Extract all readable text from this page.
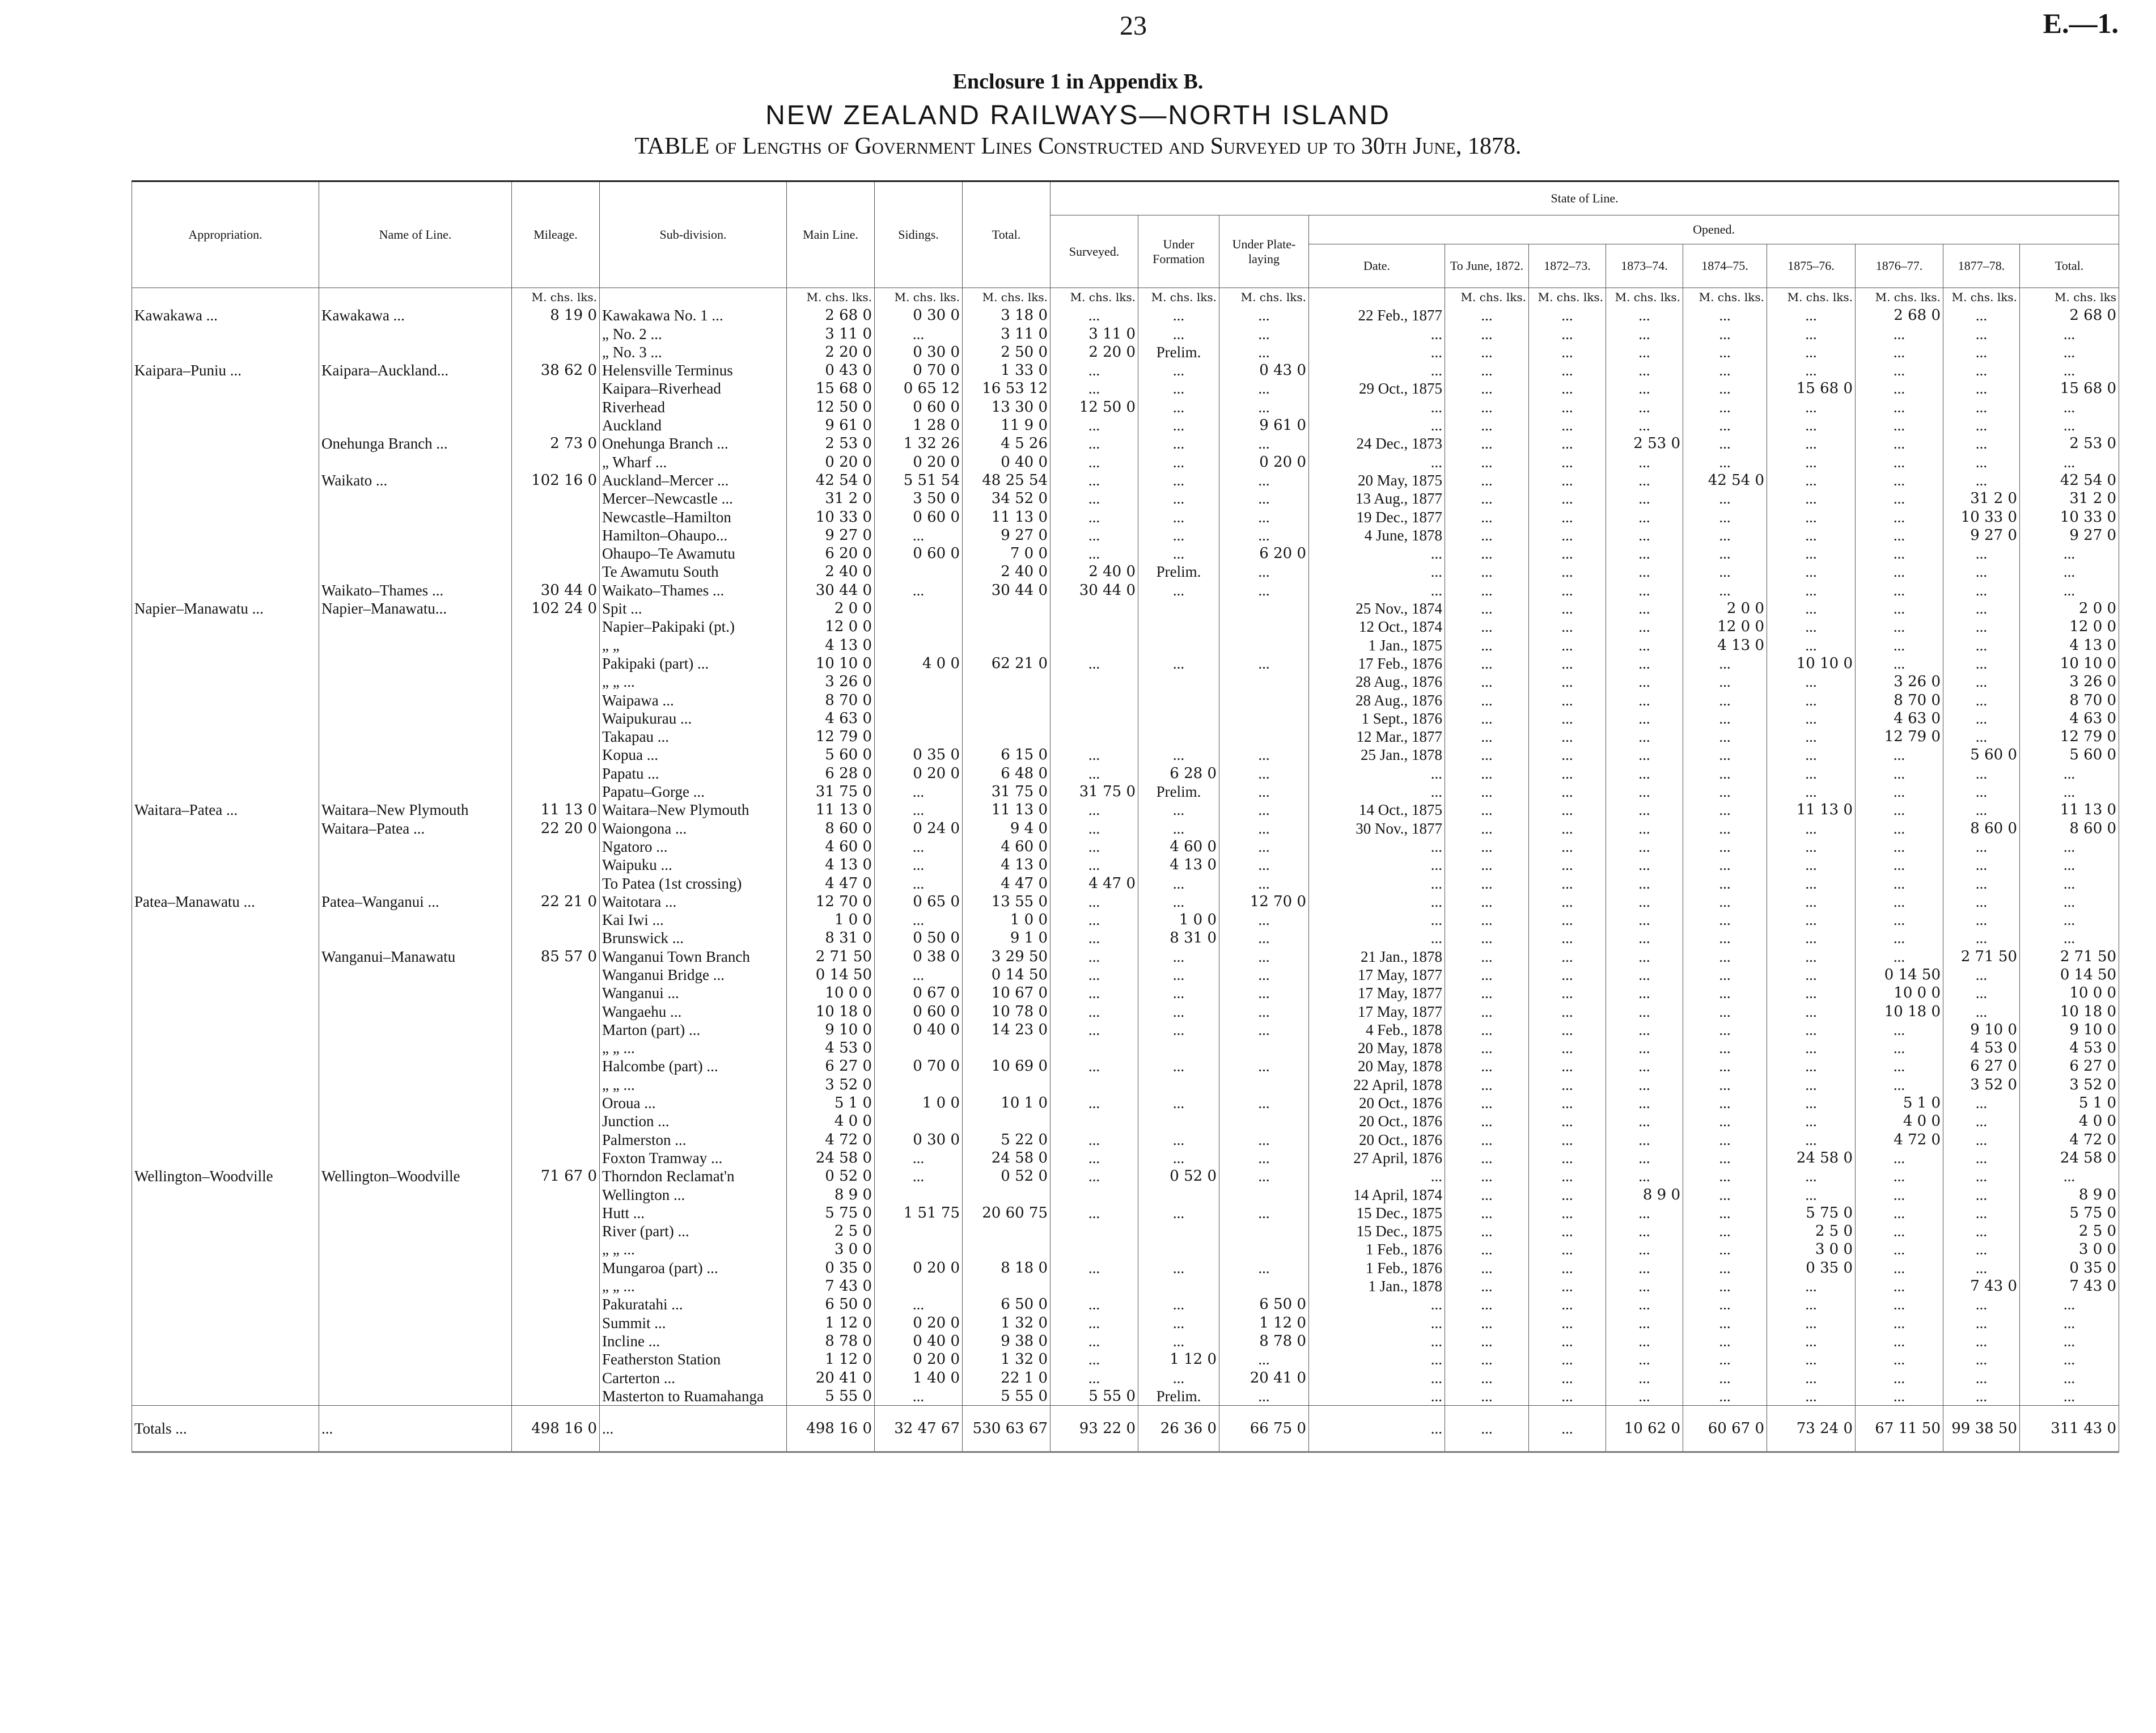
23	E.—1.
Enclosure 1 in Appendix B.
NEW ZEALAND RAILWAYS—NORTH ISLAND
TABLE of Lengths of Government Lines Constructed and Surveyed up to 30th June, 1878.
Appropriation.	Name of Line.	Mileage.	Sub-division.	Main Line.	Sidings.	Total.	State of Line.											
							Surveyed.	Under Formation	Under Plate-laying	Opened.								
										Date.	To June, 1872.	1872–73.	1873–74.	1874–75.	1875–76.	1876–77.	1877–78.	Total.
		M. chs. lks.		M. chs. lks.	M. chs. lks.	M. chs. lks.	M. chs. lks.	M. chs. lks.	M. chs. lks.		M. chs. lks.	M. chs. lks.	M. chs. lks.	M. chs. lks.	M. chs. lks.	M. chs. lks.	M. chs. lks.	M. chs. lks
Kawakawa ...	Kawakawa ...	8 19 0	Kawakawa No. 1 ...	2 68 0	0 30 0	3 18 0	...	...	...	22 Feb., 1877	...	...	...	...	...	2 68 0	...	2 68 0
			„ No. 2 ...	3 11 0	...	3 11 0	3 11 0	...	...	...	...	...	...	...	...	...	...	...
			„ No. 3 ...	2 20 0	0 30 0	2 50 0	2 20 0	Prelim.	...	...	...	...	...	...	...	...	...	...
Kaipara–Puniu ...	Kaipara–Auckland...	38 62 0	Helensville Terminus	0 43 0	0 70 0	1 33 0	...	...	0 43 0	...	...	...	...	...	...	...	...	...
			Kaipara–Riverhead	15 68 0	0 65 12	16 53 12	...	...	...	29 Oct., 1875	...	...	...	...	15 68 0	...	...	15 68 0
			Riverhead	12 50 0	0 60 0	13 30 0	12 50 0	...	...	...	...	...	...	...	...	...	...	...
			Auckland	9 61 0	1 28 0	11 9 0	...	...	9 61 0	...	...	...	...	...	...	...	...	...
	Onehunga Branch ...	2 73 0	Onehunga Branch ...	2 53 0	1 32 26	4 5 26	...	...	...	24 Dec., 1873	...	...	2 53 0	...	...	...	...	2 53 0
			„ Wharf ...	0 20 0	0 20 0	0 40 0	...	...	0 20 0	...	...	...	...	...	...	...	...	...
	Waikato ...	102 16 0	Auckland–Mercer ...	42 54 0	5 51 54	48 25 54	...	...	...	20 May, 1875	...	...	...	42 54 0	...	...	...	42 54 0
			Mercer–Newcastle ...	31 2 0	3 50 0	34 52 0	...	...	...	13 Aug., 1877	...	...	...	...	...	...	31 2 0	31 2 0
			Newcastle–Hamilton	10 33 0	0 60 0	11 13 0	...	...	...	19 Dec., 1877	...	...	...	...	...	...	10 33 0	10 33 0
			Hamilton–Ohaupo...	9 27 0	...	9 27 0	...	...	...	4 June, 1878	...	...	...	...	...	...	9 27 0	9 27 0
			Ohaupo–Te Awamutu	6 20 0	0 60 0	7 0 0	...	...	6 20 0	...	...	...	...	...	...	...	...	...
			Te Awamutu South	2 40 0		2 40 0	2 40 0	Prelim.	...	...	...	...	...	...	...	...	...	...
	Waikato–Thames ...	30 44 0	Waikato–Thames ...	30 44 0	...	30 44 0	30 44 0	...	...	...	...	...	...	...	...	...	...	...
Napier–Manawatu ...	Napier–Manawatu...	102 24 0	Spit ...	2 0 0						25 Nov., 1874	...	...	...	2 0 0	...	...	...	2 0 0
			Napier–Pakipaki (pt.)	12 0 0						12 Oct., 1874	...	...	...	12 0 0	...	...	...	12 0 0
			„ „	4 13 0						1 Jan., 1875	...	...	...	4 13 0	...	...	...	4 13 0
			Pakipaki (part) ...	10 10 0	4 0 0	62 21 0	...	...	...	17 Feb., 1876	...	...	...	...	10 10 0	...	...	10 10 0
			„ „ ...	3 26 0						28 Aug., 1876	...	...	...	...	...	3 26 0	...	3 26 0
			Waipawa ...	8 70 0						28 Aug., 1876	...	...	...	...	...	8 70 0	...	8 70 0
			Waipukurau ...	4 63 0						1 Sept., 1876	...	...	...	...	...	4 63 0	...	4 63 0
			Takapau ...	12 79 0						12 Mar., 1877	...	...	...	...	...	12 79 0	...	12 79 0
			Kopua ...	5 60 0	0 35 0	6 15 0	...	...	...	25 Jan., 1878	...	...	...	...	...	...	5 60 0	5 60 0
			Papatu ...	6 28 0	0 20 0	6 48 0	...	6 28 0	...	...	...	...	...	...	...	...	...	...
			Papatu–Gorge ...	31 75 0	...	31 75 0	31 75 0	Prelim.	...	...	...	...	...	...	...	...	...	...
Waitara–Patea ...	Waitara–New Plymouth	11 13 0	Waitara–New Plymouth	11 13 0	...	11 13 0	...	...	...	14 Oct., 1875	...	...	...	...	11 13 0	...	...	11 13 0
	Waitara–Patea ...	22 20 0	Waiongona ...	8 60 0	0 24 0	9 4 0	...	...	...	30 Nov., 1877	...	...	...	...	...	...	8 60 0	8 60 0
			Ngatoro ...	4 60 0	...	4 60 0	...	4 60 0	...	...	...	...	...	...	...	...	...	...
			Waipuku ...	4 13 0	...	4 13 0	...	4 13 0	...	...	...	...	...	...	...	...	...	...
			To Patea (1st crossing)	4 47 0	...	4 47 0	4 47 0	...	...	...	...	...	...	...	...	...	...	...
Patea–Manawatu ...	Patea–Wanganui ...	22 21 0	Waitotara ...	12 70 0	0 65 0	13 55 0	...	...	12 70 0	...	...	...	...	...	...	...	...	...
			Kai Iwi ...	1 0 0	...	1 0 0	...	1 0 0	...	...	...	...	...	...	...	...	...	...
			Brunswick ...	8 31 0	0 50 0	9 1 0	...	8 31 0	...	...	...	...	...	...	...	...	...	...
	Wanganui–Manawatu	85 57 0	Wanganui Town Branch	2 71 50	0 38 0	3 29 50	...	...	...	21 Jan., 1878	...	...	...	...	...	...	2 71 50	2 71 50
			Wanganui Bridge ...	0 14 50	...	0 14 50	...	...	...	17 May, 1877	...	...	...	...	...	0 14 50	...	0 14 50
			Wanganui ...	10 0 0	0 67 0	10 67 0	...	...	...	17 May, 1877	...	...	...	...	...	10 0 0	...	10 0 0
			Wangaehu ...	10 18 0	0 60 0	10 78 0	...	...	...	17 May, 1877	...	...	...	...	...	10 18 0	...	10 18 0
			Marton (part) ...	9 10 0	0 40 0	14 23 0	...	...	...	4 Feb., 1878	...	...	...	...	...	...	9 10 0	9 10 0
			„ „ ...	4 53 0						20 May, 1878	...	...	...	...	...	...	4 53 0	4 53 0
			Halcombe (part) ...	6 27 0	0 70 0	10 69 0	...	...	...	20 May, 1878	...	...	...	...	...	...	6 27 0	6 27 0
			„ „ ...	3 52 0						22 April, 1878	...	...	...	...	...	...	3 52 0	3 52 0
			Oroua ...	5 1 0	1 0 0	10 1 0	...	...	...	20 Oct., 1876	...	...	...	...	...	5 1 0	...	5 1 0
			Junction ...	4 0 0						20 Oct., 1876	...	...	...	...	...	4 0 0	...	4 0 0
			Palmerston ...	4 72 0	0 30 0	5 22 0	...	...	...	20 Oct., 1876	...	...	...	...	...	4 72 0	...	4 72 0
			Foxton Tramway ...	24 58 0	...	24 58 0	...	...	...	27 April, 1876	...	...	...	...	24 58 0	...	...	24 58 0
Wellington–Woodville	Wellington–Woodville	71 67 0	Thorndon Reclamat'n	0 52 0	...	0 52 0	...	0 52 0	...	...	...	...	...	...	...	...	...	...
			Wellington ...	8 9 0						14 April, 1874	...	...	8 9 0	...	...	...	...	8 9 0
			Hutt ...	5 75 0	1 51 75	20 60 75	...	...	...	15 Dec., 1875	...	...	...	...	5 75 0	...	...	5 75 0
			River (part) ...	2 5 0						15 Dec., 1875	...	...	...	...	2 5 0	...	...	2 5 0
			„ „ ...	3 0 0						1 Feb., 1876	...	...	...	...	3 0 0	...	...	3 0 0
			Mungaroa (part) ...	0 35 0	0 20 0	8 18 0	...	...	...	1 Feb., 1876	...	...	...	...	0 35 0	...	...	0 35 0
			„ „ ...	7 43 0						1 Jan., 1878	...	...	...	...	...	...	7 43 0	7 43 0
			Pakuratahi ...	6 50 0	...	6 50 0	...	...	6 50 0	...	...	...	...	...	...	...	...	...
			Summit ...	1 12 0	0 20 0	1 32 0	...	...	1 12 0	...	...	...	...	...	...	...	...	...
			Incline ...	8 78 0	0 40 0	9 38 0	...	...	8 78 0	...	...	...	...	...	...	...	...	...
			Featherston Station	1 12 0	0 20 0	1 32 0	...	1 12 0	...	...	...	...	...	...	...	...	...	...
			Carterton ...	20 41 0	1 40 0	22 1 0	...	...	20 41 0	...	...	...	...	...	...	...	...	...
			Masterton to Ruamahanga	5 55 0	...	5 55 0	5 55 0	Prelim.	...	...	...	...	...	...	...	...	...	...
Totals ...	...	498 16 0	...	498 16 0	32 47 67	530 63 67	93 22 0	26 36 0	66 75 0	...	...	...	10 62 0	60 67 0	73 24 0	67 11 50	99 38 50	311 43 0
